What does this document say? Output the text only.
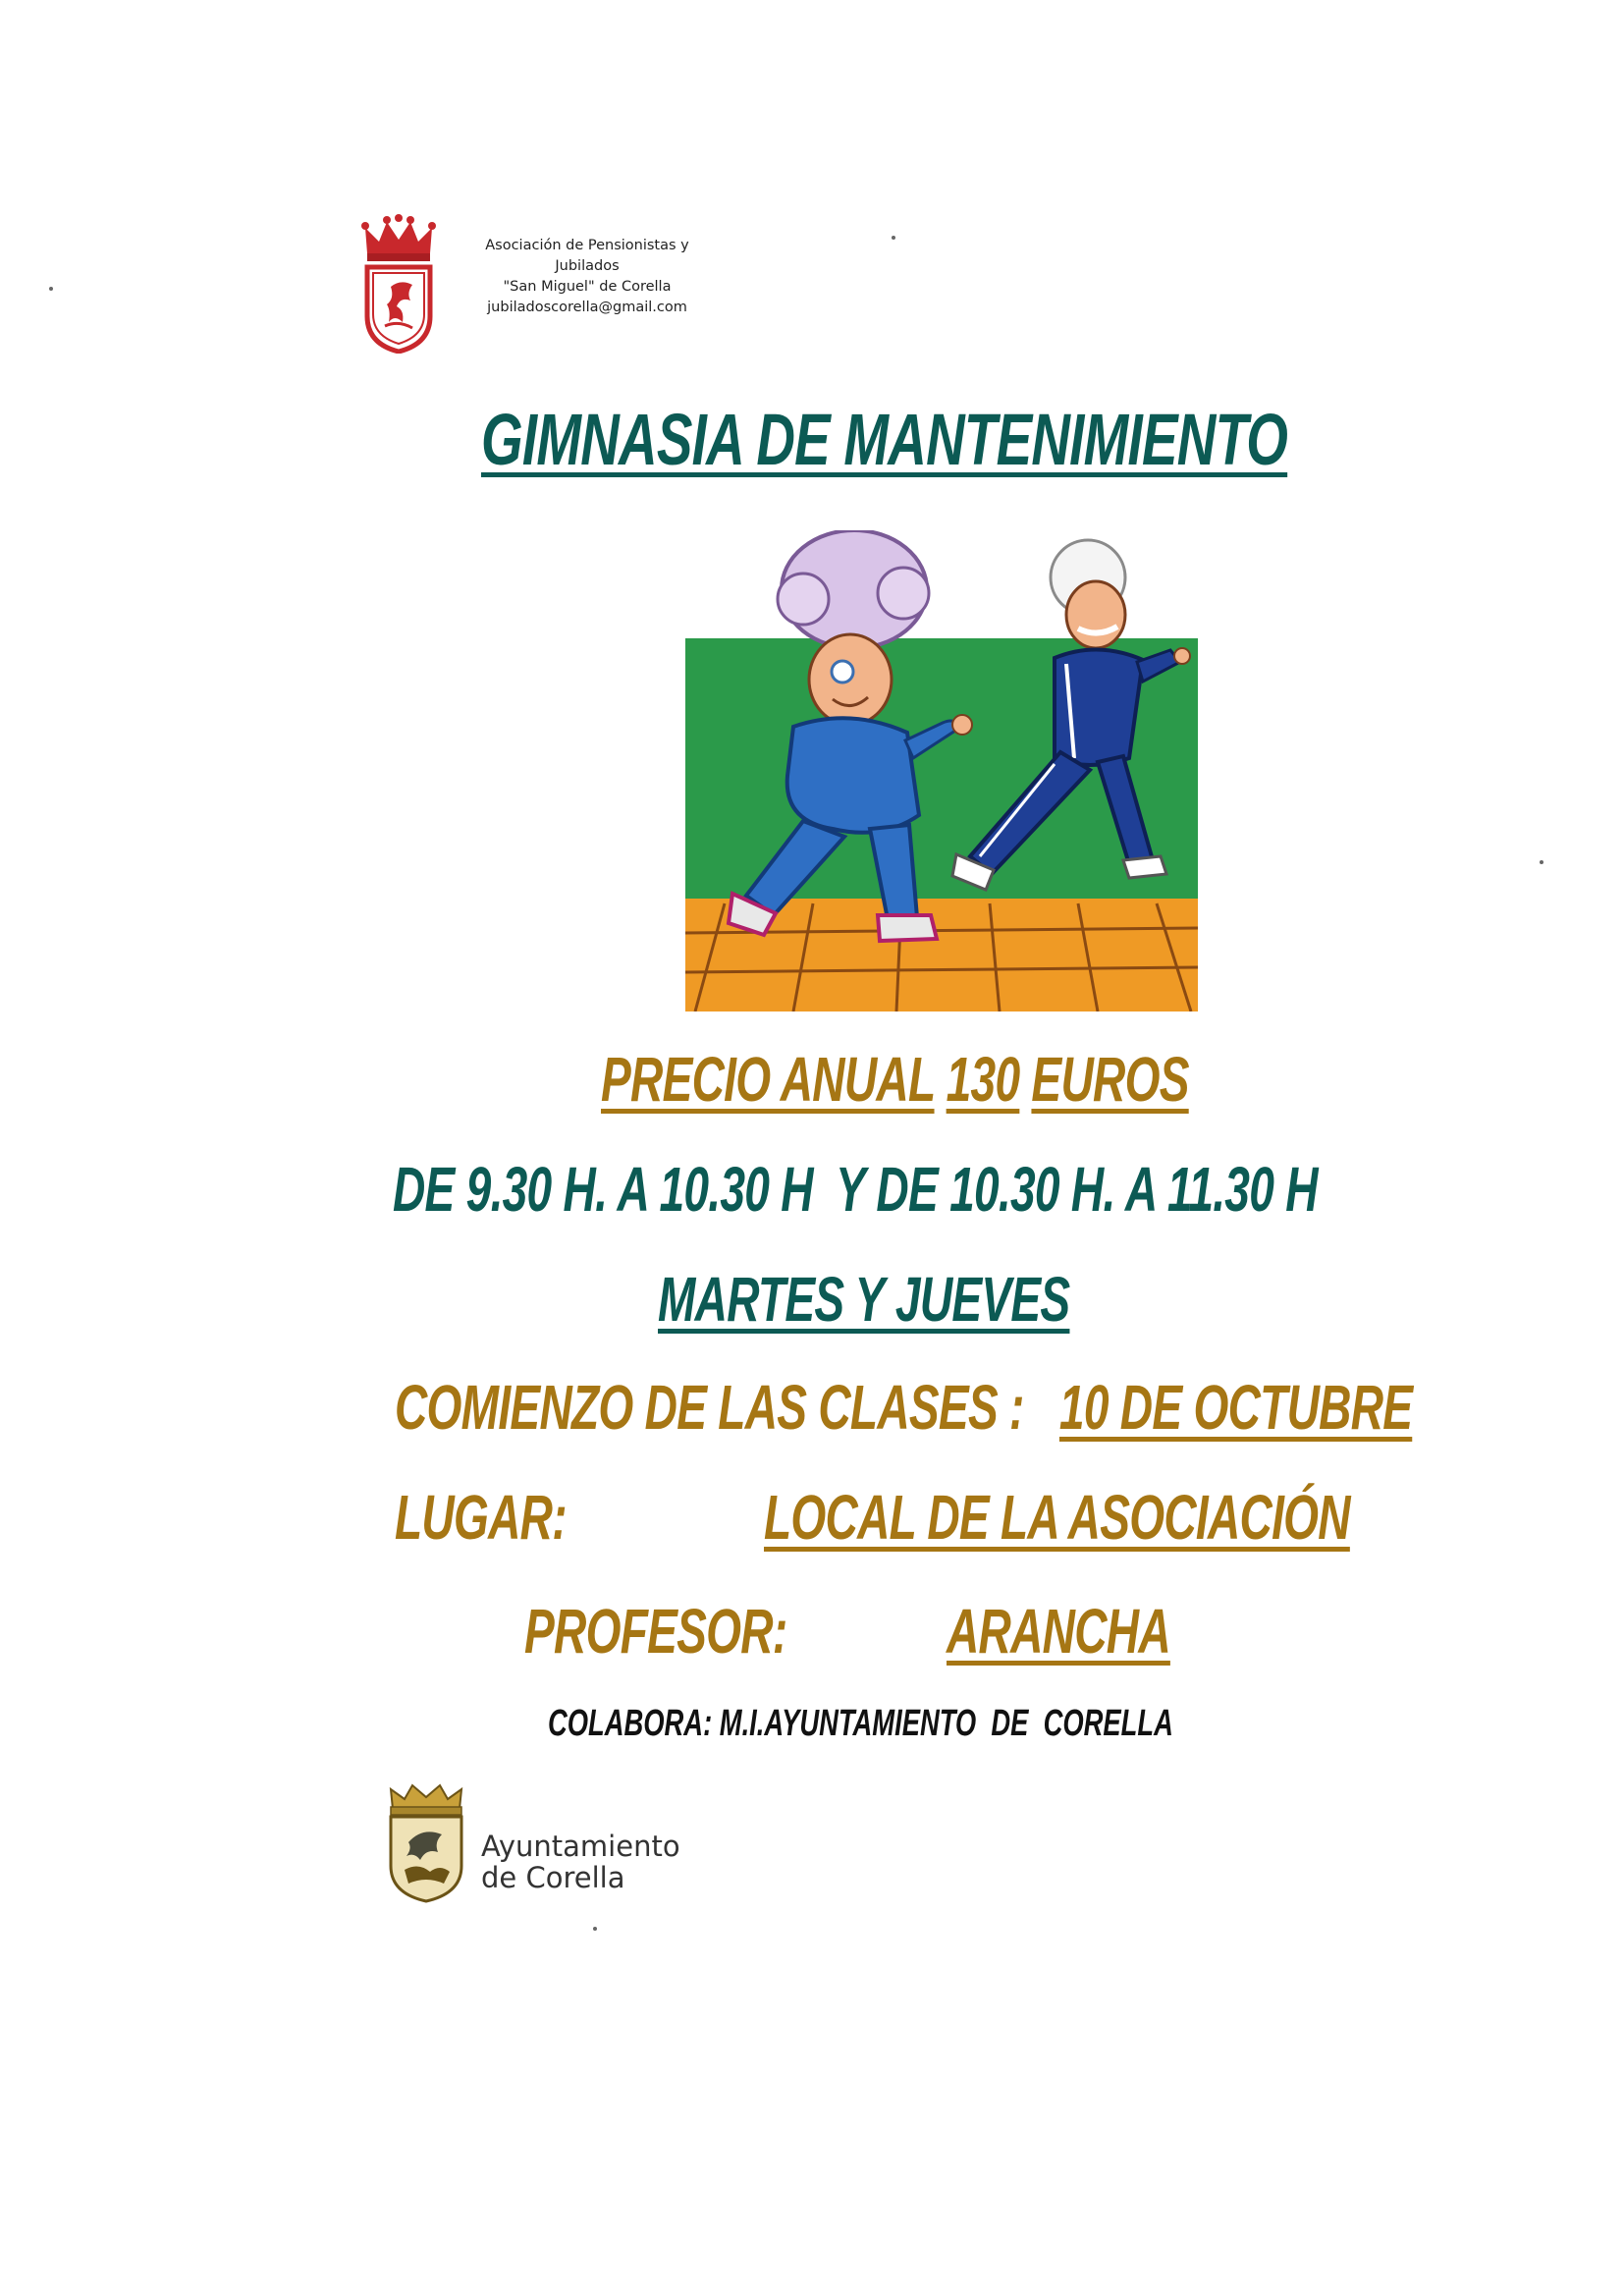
Asociación de Pensionistas y
Jubilados
"San Miguel" de Corella
jubiladoscorella@gmail.com
GIMNASIA DE MANTENIMIENTO
PRECIO ANUAL 130 EUROS
DE 9.30 H. A 10.30 H  Y DE 10.30 H. A 11.30 H
MARTES Y JUEVES
COMIENZO DE LAS CLASES : 10 DE OCTUBRE
LUGAR:	LOCAL DE LA ASOCIACIÓN
PROFESOR:	ARANCHA
COLABORA: M.I.AYUNTAMIENTO  DE  CORELLA
Ayuntamiento
de Corella
